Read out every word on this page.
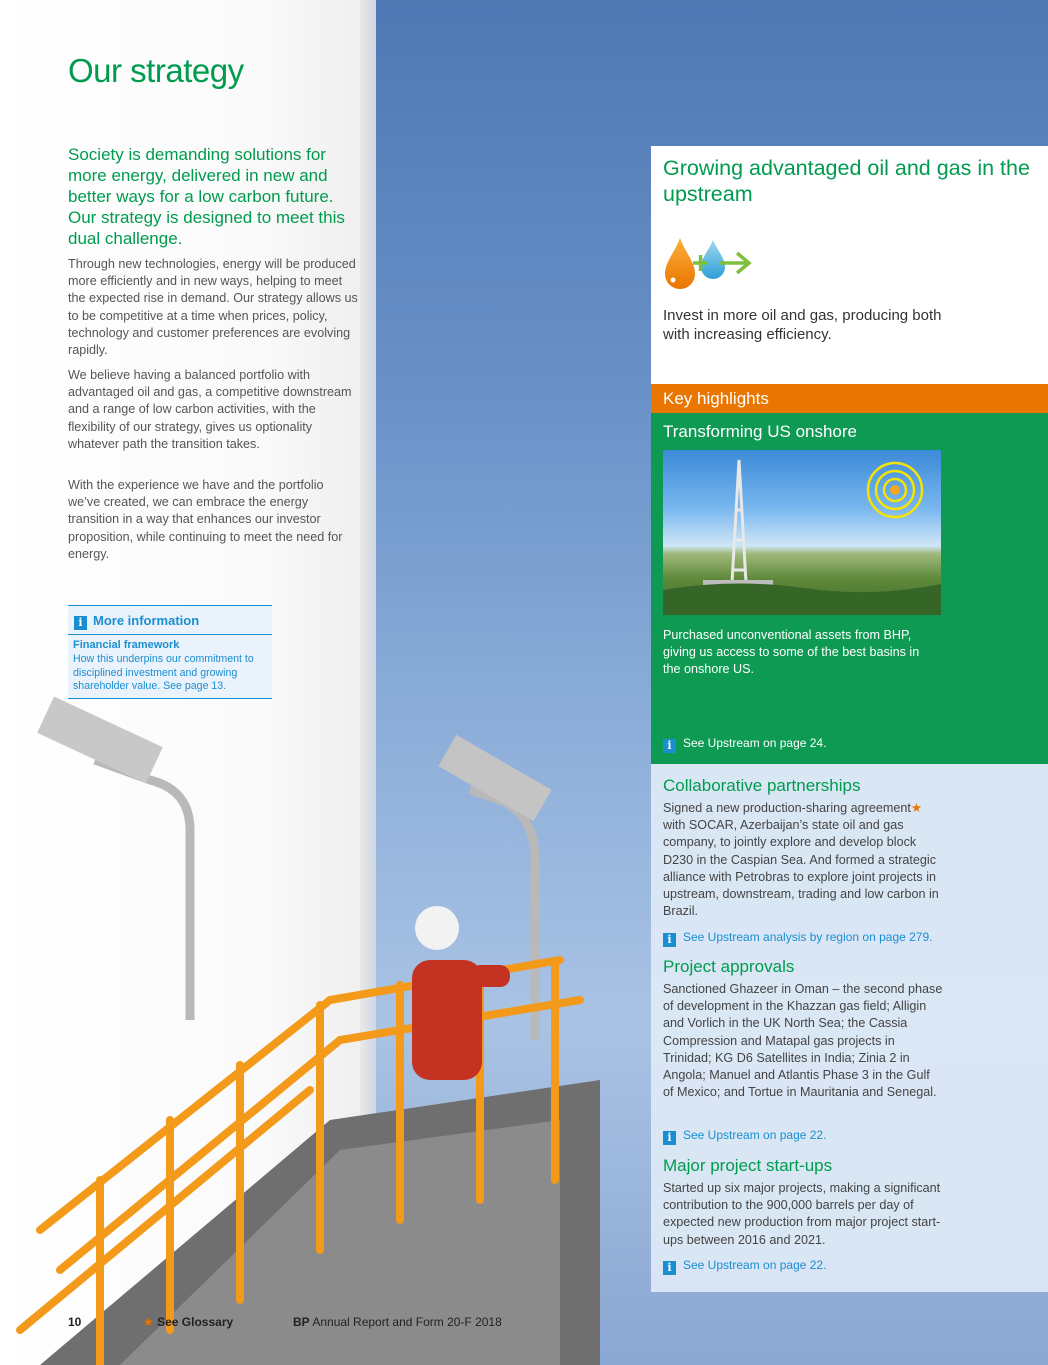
Our strategy

Society is demanding solutions for more energy, delivered in new and better ways for a low carbon future. Our strategy is designed to meet this dual challenge.

Through new technologies, energy will be produced more efficiently and in new ways, helping to meet the expected rise in demand. Our strategy allows us to be competitive at a time when prices, policy, technology and customer preferences are evolving rapidly.

We believe having a balanced portfolio with advantaged oil and gas, a competitive downstream and a range of low carbon activities, with the flexibility of our strategy, gives us optionality whatever path the transition takes.

With the experience we have and the portfolio we’ve created, we can embrace the energy transition in a way that enhances our investor proposition, while continuing to meet the need for energy.

i More information
Financial framework
How this underpins our commitment to disciplined investment and growing shareholder value. See page 13.
Growing advantaged oil and gas in the upstream

Invest in more oil and gas, producing both with increasing efficiency.

Key highlights
Transforming US onshore
Purchased unconventional assets from BHP, giving us access to some of the best basins in the onshore US.
i See Upstream on page 24.
Collaborative partnerships
Signed a new production-sharing agreement★ with SOCAR, Azerbaijan’s state oil and gas company, to jointly explore and develop block D230 in the Caspian Sea. And formed a strategic alliance with Petrobras to explore joint projects in upstream, downstream, trading and low carbon in Brazil.
i See Upstream analysis by region on page 279.
Project approvals
Sanctioned Ghazeer in Oman – the second phase of development in the Khazzan gas field; Alligin and Vorlich in the UK North Sea; the Cassia Compression and Matapal gas projects in Trinidad; KG D6 Satellites in India; Zinia 2 in Angola; Manuel and Atlantis Phase 3 in the Gulf of Mexico; and Tortue in Mauritania and Senegal.
i See Upstream on page 22.
Major project start-ups
Started up six major projects, making a significant contribution to the 900,000 barrels per day of expected new production from major project start-ups between 2016 and 2021.
i See Upstream on page 22.
10	★ See Glossary	BP Annual Report and Form 20-F 2018
